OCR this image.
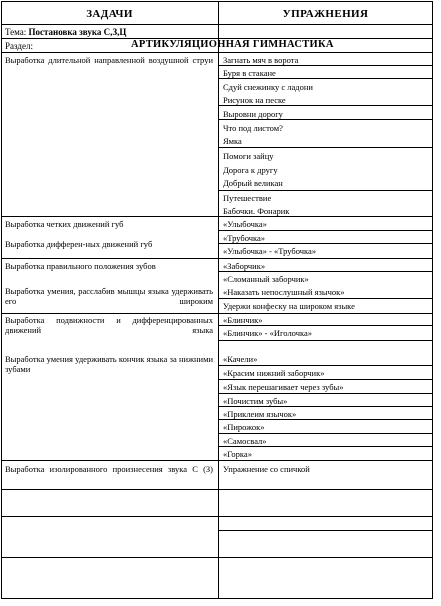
ЗАДАЧИ	УПРАЖНЕНИЯ
Тема: Постановка звука С,З,Ц
Раздел:	АРТИКУЛЯЦИОННАЯ ГИМНАСТИКА
Выработка длительной направленной воздушной струи Загнать мяч в ворота
Буря в стакане
Сдуй снежинку с ладони
Рисунок на песке
Выровни дорогу
Что под листом?
Ямка
Помоги зайцу
Дорога к другу
Добрый великан
Путешествие
Бабочки. Фонарик
Выработка четких движений губ
Выработка дифферен-ных движений губ
«Улыбочка»
«Трубочка»
«Улыбочка» - «Трубочка»
Выработка правильного положения зубов
Выработка умения, расслабив мышцы языка удерживать его широким
«Заборчик»
«Сломанный заборчик»
«Наказать непослушный язычок»
Удержи конфеску на широком языке
Выработка подвижности и дифференцированных движений языка
Выработка умения удерживать кончик языка за нижними зубами
«Блинчик»
«Блинчик» - «Иголочка»
«Качели»
«Красим нижний заборчик»
«Язык перешагивает через зубы»
«Почистим зубы»
«Приклеим язычок»
«Пирожок»
«Самосвал»
«Горка»
Выработка изолированного произнесения звука С (З) Упражнение со спичкой
